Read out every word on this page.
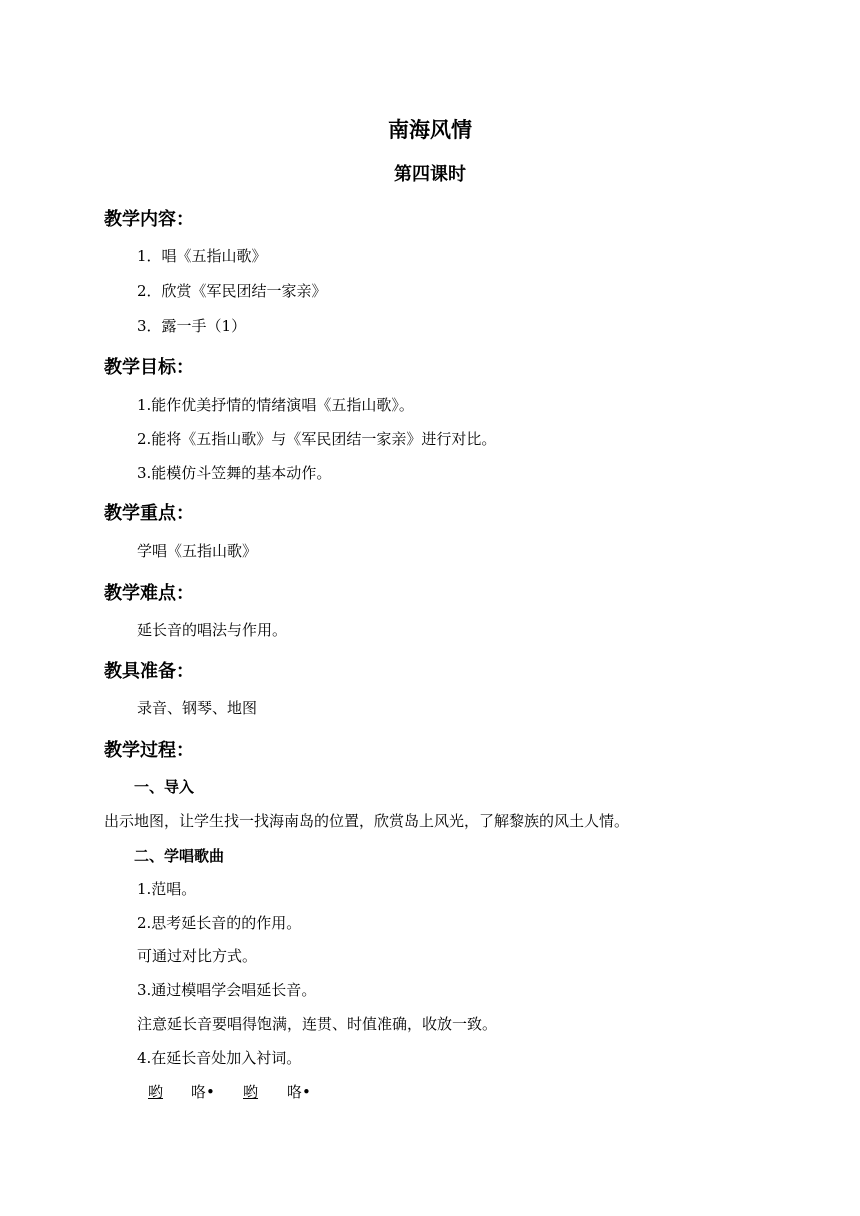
南海风情
第四课时
教学内容：
1．唱《五指山歌》
2．欣赏《军民团结一家亲》
3．露一手（1）
教学目标：
1.能作优美抒情的情绪演唱《五指山歌》。
2.能将《五指山歌》与《军民团结一家亲》进行对比。
3.能模仿斗笠舞的基本动作。
教学重点：
学唱《五指山歌》
教学难点：
延长音的唱法与作用。
教具准备：
录音、钢琴、地图
教学过程：
一、导入
出示地图，让学生找一找海南岛的位置，欣赏岛上风光，了解黎族的风土人情。
二、学唱歌曲
1.范唱。
2.思考延长音的的作用。
可通过对比方式。
3.通过模唱学会唱延长音。
注意延长音要唱得饱满，连贯、时值准确，收放一致。
4.在延长音处加入衬词。
哟 咯• 哟 咯•
